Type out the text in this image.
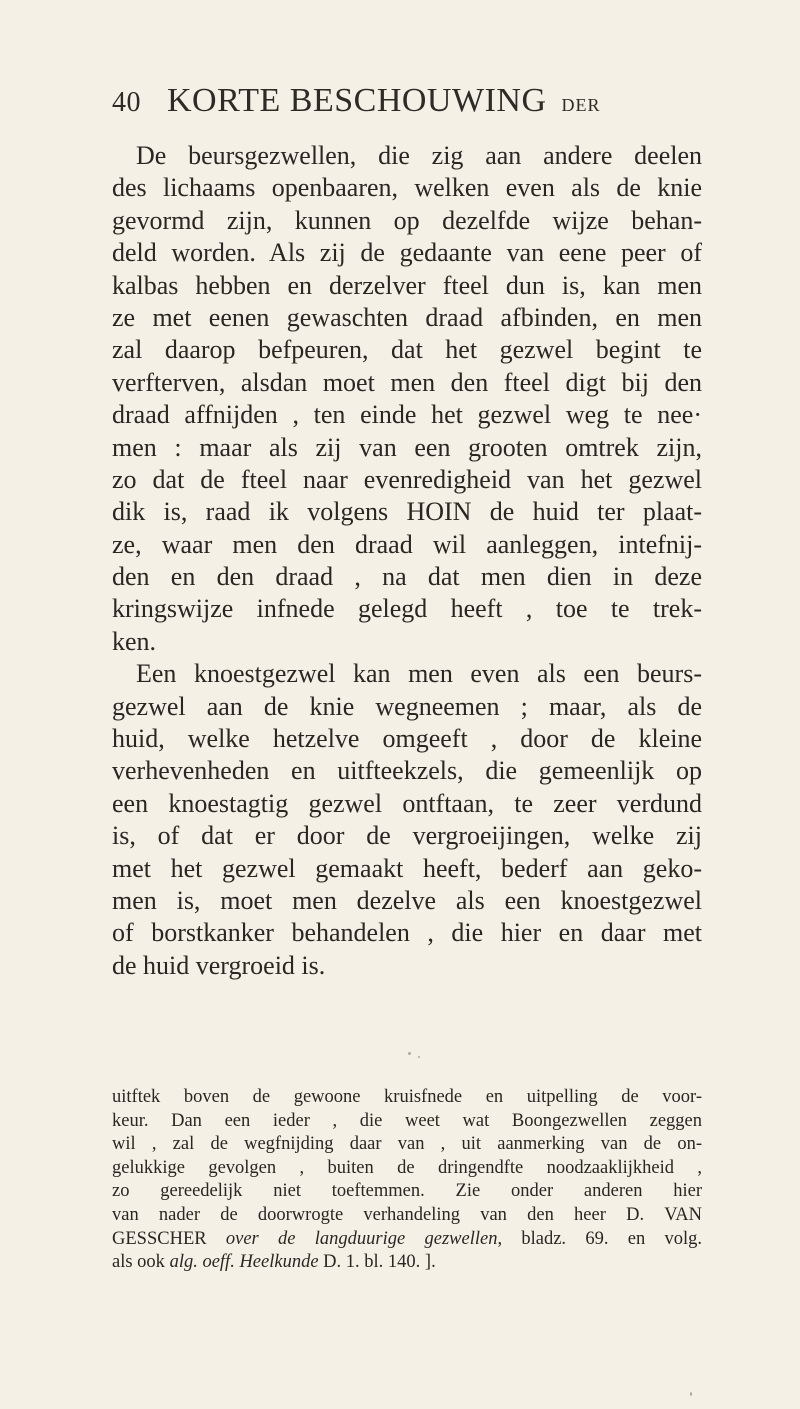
40 KORTE BESCHOUWING DER
De beursgezwellen, die zig aan andere deelen
des lichaams openbaaren, welken even als de knie
gevormd zijn, kunnen op dezelfde wijze behan-
deld worden. Als zij de gedaante van eene peer of
kalbas hebben en derzelver fteel dun is, kan men
ze met eenen gewaschten draad afbinden, en men
zal daarop befpeuren, dat het gezwel begint te
verfterven, alsdan moet men den fteel digt bij den
draad affnijden , ten einde het gezwel weg te nee·
men : maar als zij van een grooten omtrek zijn,
zo dat de fteel naar evenredigheid van het gezwel
dik is, raad ik volgens HOIN de huid ter plaat-
ze, waar men den draad wil aanleggen, intefnij-
den en den draad , na dat men dien in deze
kringswijze infnede gelegd heeft , toe te trek-
ken.
Een knoestgezwel kan men even als een beurs-
gezwel aan de knie wegneemen ; maar, als de
huid, welke hetzelve omgeeft , door de kleine
verhevenheden en uitfteekzels, die gemeenlijk op
een knoestagtig gezwel ontftaan, te zeer verdund
is, of dat er door de vergroeijingen, welke zij
met het gezwel gemaakt heeft, bederf aan geko-
men is, moet men dezelve als een knoestgezwel
of borstkanker behandelen , die hier en daar met
de huid vergroeid is.
uitftek boven de gewoone kruisfnede en uitpelling de voor-
keur. Dan een ieder , die weet wat Boongezwellen zeggen
wil , zal de wegfnijding daar van , uit aanmerking van de on-
gelukkige gevolgen , buiten de dringendfte noodzaaklijkheid ,
zo gereedelijk niet toeftemmen. Zie onder anderen hier
van nader de doorwrogte verhandeling van den heer D. VAN
GESSCHER over de langduurige gezwellen, bladz. 69. en volg.
als ook alg. oeff. Heelkunde D. 1. bl. 140. ].
